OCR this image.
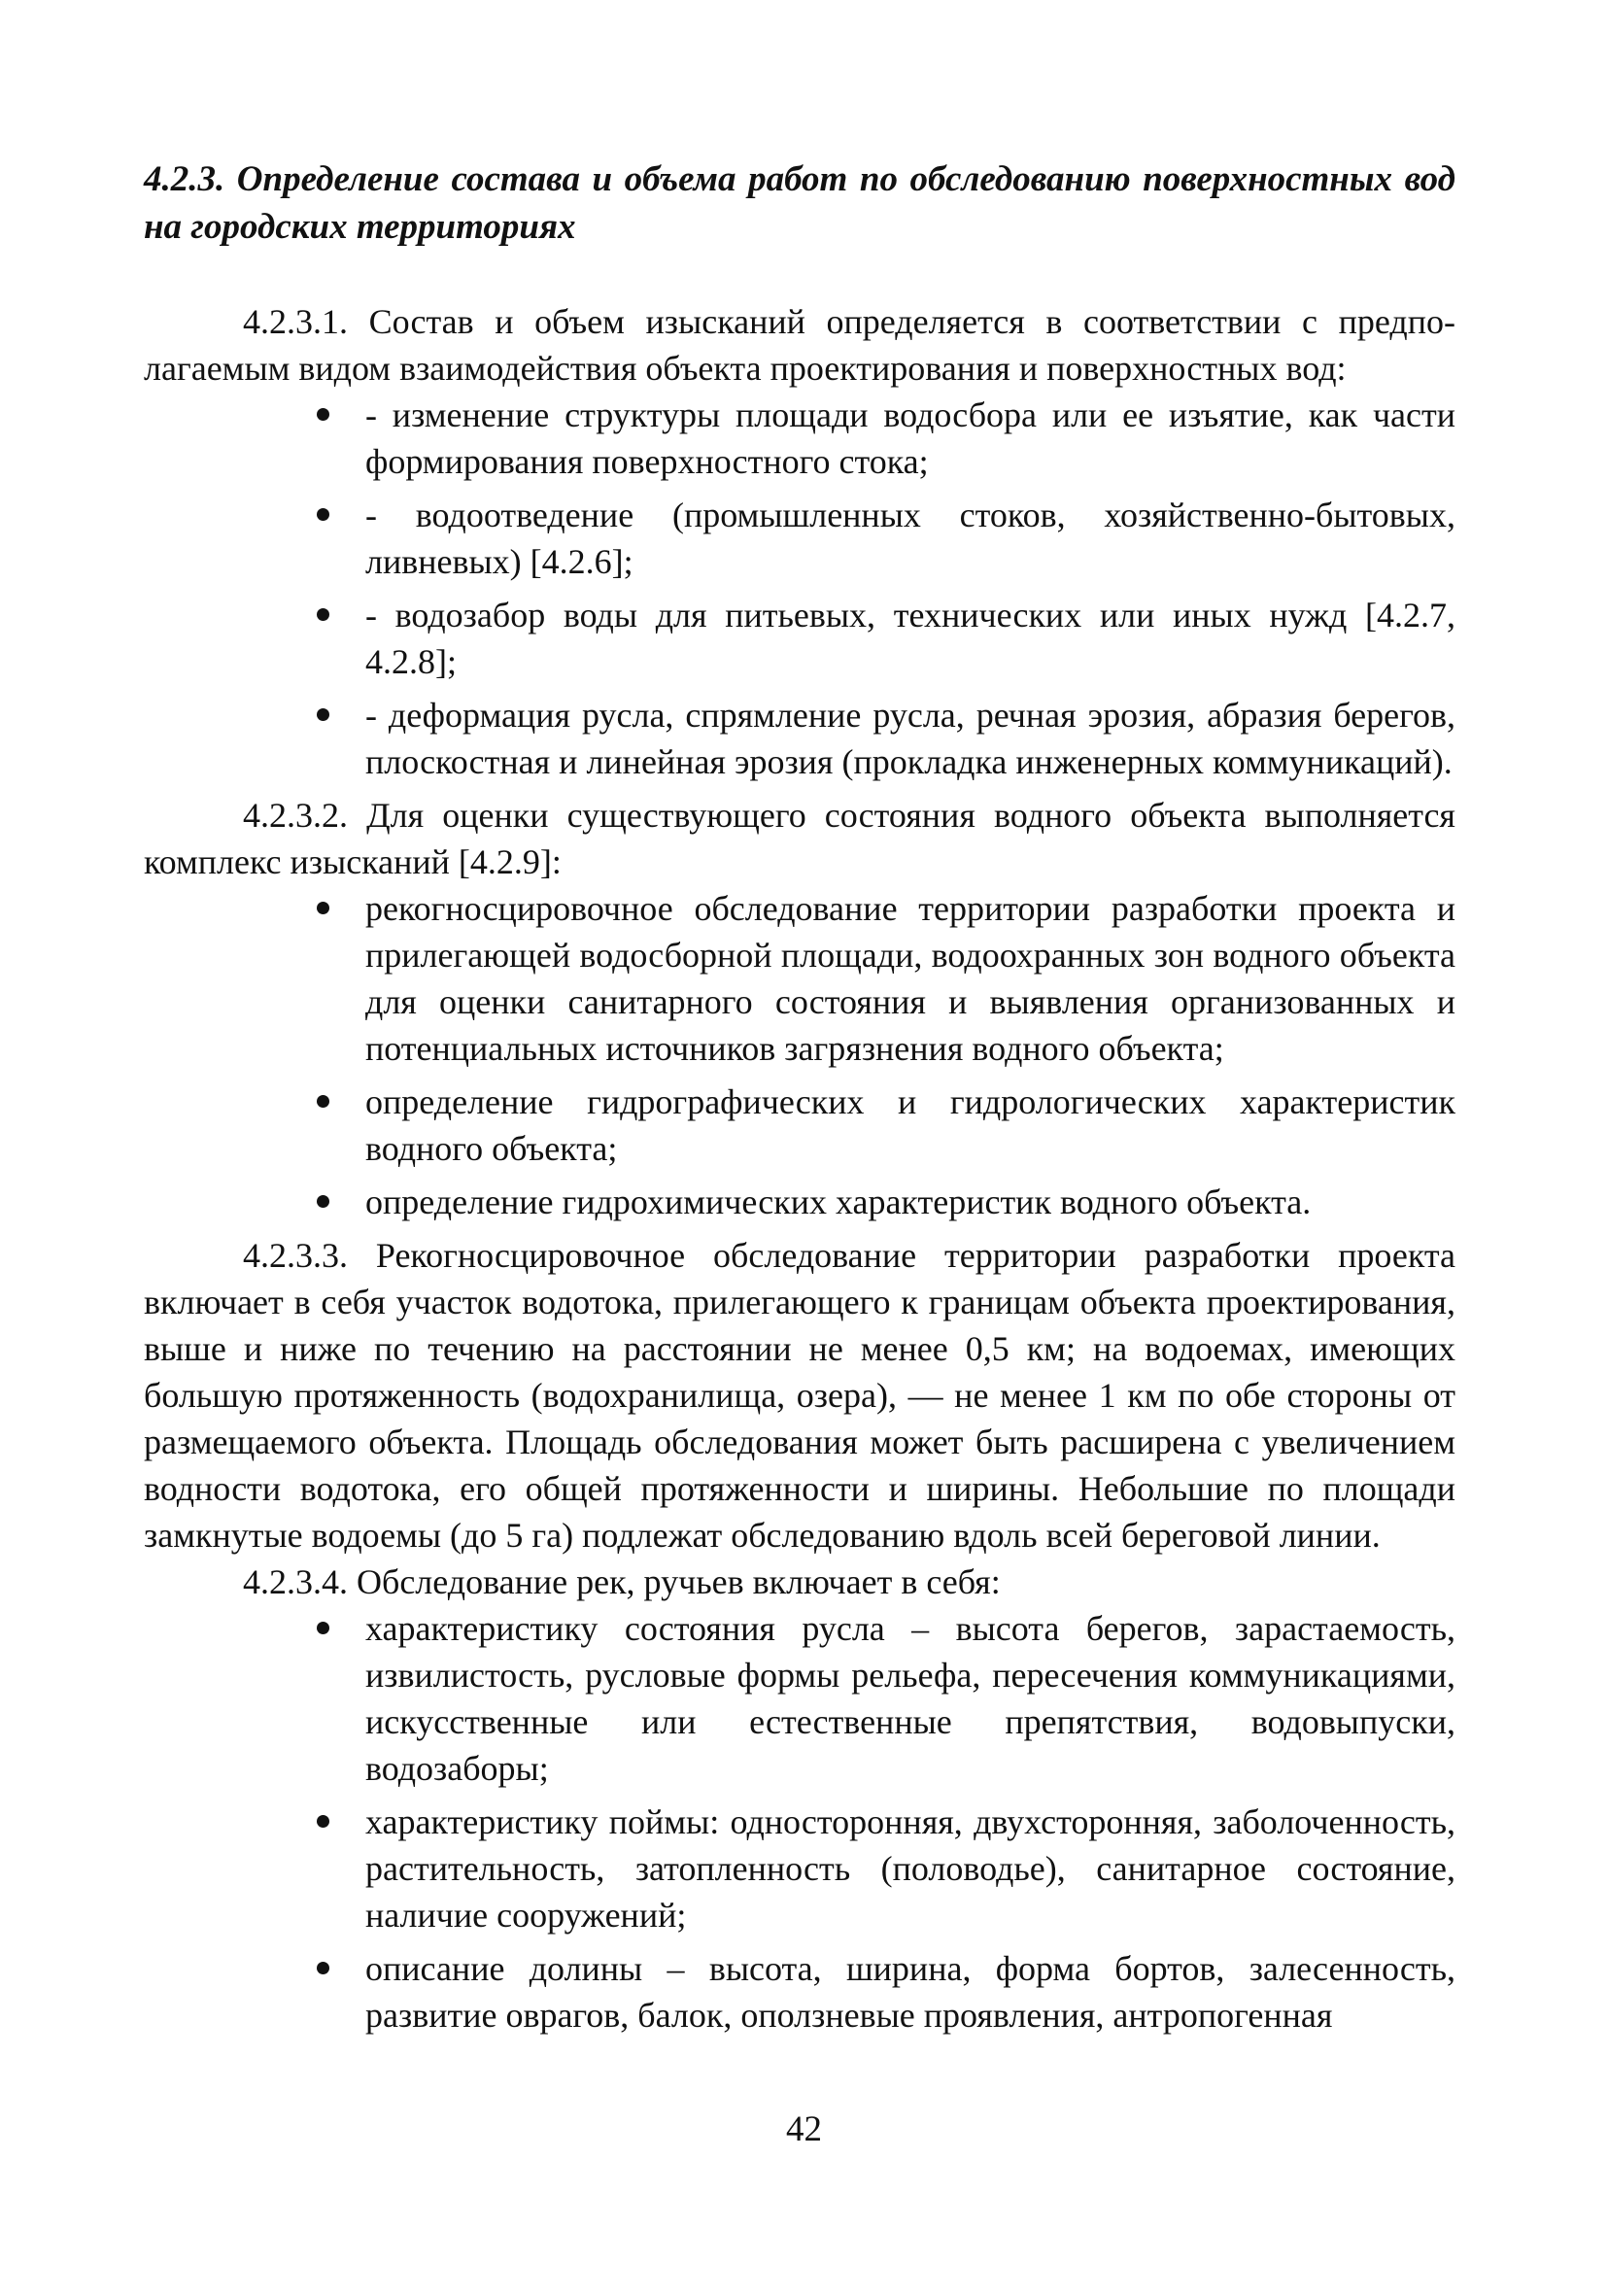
4.2.3. Определение состава и объема работ по обследованию поверхностных вод на городских территориях

4.2.3.1. Состав и объем изысканий определяется в соответствии с предполагаемым видом взаимодействия объекта проектирования и поверхностных вод:

- изменение структуры площади водосбора или ее изъятие, как части формирования поверхностного стока;
- водоотведение (промышленных стоков, хозяйственно-бытовых, ливневых) [4.2.6];
- водозабор воды для питьевых, технических или иных нужд [4.2.7, 4.2.8];
- деформация русла, спрямление русла, речная эрозия, абразия берегов, плоскостная и линейная эрозия (прокладка инженерных коммуникаций).

4.2.3.2. Для оценки существующего состояния водного объекта выполняется комплекс изысканий [4.2.9]:

рекогносцировочное обследование территории разработки проекта и прилегающей водосборной площади, водоохранных зон водного объекта для оценки санитарного состояния и выявления организованных и потенциальных источников загрязнения водного объекта;
определение гидрографических и гидрологических характеристик водного объекта;
определение гидрохимических характеристик водного объекта.

4.2.3.3. Рекогносцировочное обследование территории разработки проекта включает в себя участок водотока, прилегающего к границам объекта проектирования, выше и ниже по течению на расстоянии не менее 0,5 км; на водоемах, имеющих большую протяженность (водохранилища, озера), — не менее 1 км по обе стороны от размещаемого объекта. Площадь обследования может быть расширена с увеличением водности водотока, его общей протяженности и ширины. Небольшие по площади замкнутые водоемы (до 5 га) подлежат обследованию вдоль всей береговой линии.

4.2.3.4. Обследование рек, ручьев включает в себя:

характеристику состояния русла – высота берегов, зарастаемость, извилистость, русловые формы рельефа, пересечения коммуникациями, искусственные или естественные препятствия, водовыпуски, водозаборы;
характеристику поймы: односторонняя, двухсторонняя, заболоченность, растительность, затопленность (половодье), санитарное состояние, наличие сооружений;
описание долины – высота, ширина, форма бортов, залесенность, развитие оврагов, балок, оползневые проявления, антропогенная
42
